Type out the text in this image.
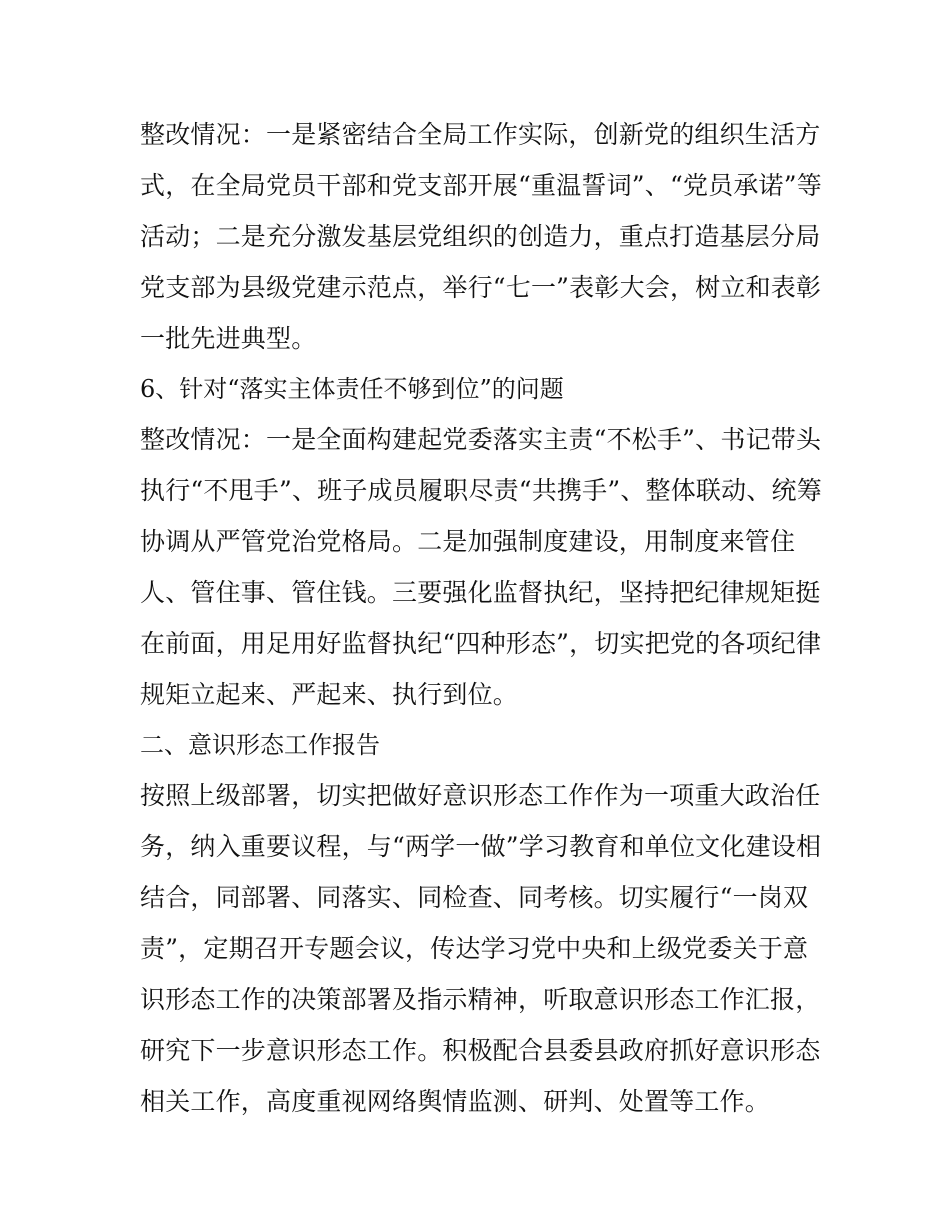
整改情况：一是紧密结合全局工作实际，创新党的组织生活方
式，在全局党员干部和党支部开展“重温誓词”、“党员承诺”等
活动；二是充分激发基层党组织的创造力，重点打造基层分局
党支部为县级党建示范点，举行“七一”表彰大会，树立和表彰
一批先进典型。
6、针对“落实主体责任不够到位”的问题
整改情况：一是全面构建起党委落实主责“不松手”、书记带头
执行“不甩手”、班子成员履职尽责“共携手”、整体联动、统筹
协调从严管党治党格局。二是加强制度建设，用制度来管住
人、管住事、管住钱。三要强化监督执纪，坚持把纪律规矩挺
在前面，用足用好监督执纪“四种形态”，切实把党的各项纪律
规矩立起来、严起来、执行到位。
二、意识形态工作报告
按照上级部署，切实把做好意识形态工作作为一项重大政治任
务，纳入重要议程，与“两学一做”学习教育和单位文化建设相
结合，同部署、同落实、同检查、同考核。切实履行“一岗双
责”，定期召开专题会议，传达学习党中央和上级党委关于意
识形态工作的决策部署及指示精神，听取意识形态工作汇报，
研究下一步意识形态工作。积极配合县委县政府抓好意识形态
相关工作，高度重视网络舆情监测、研判、处置等工作。
